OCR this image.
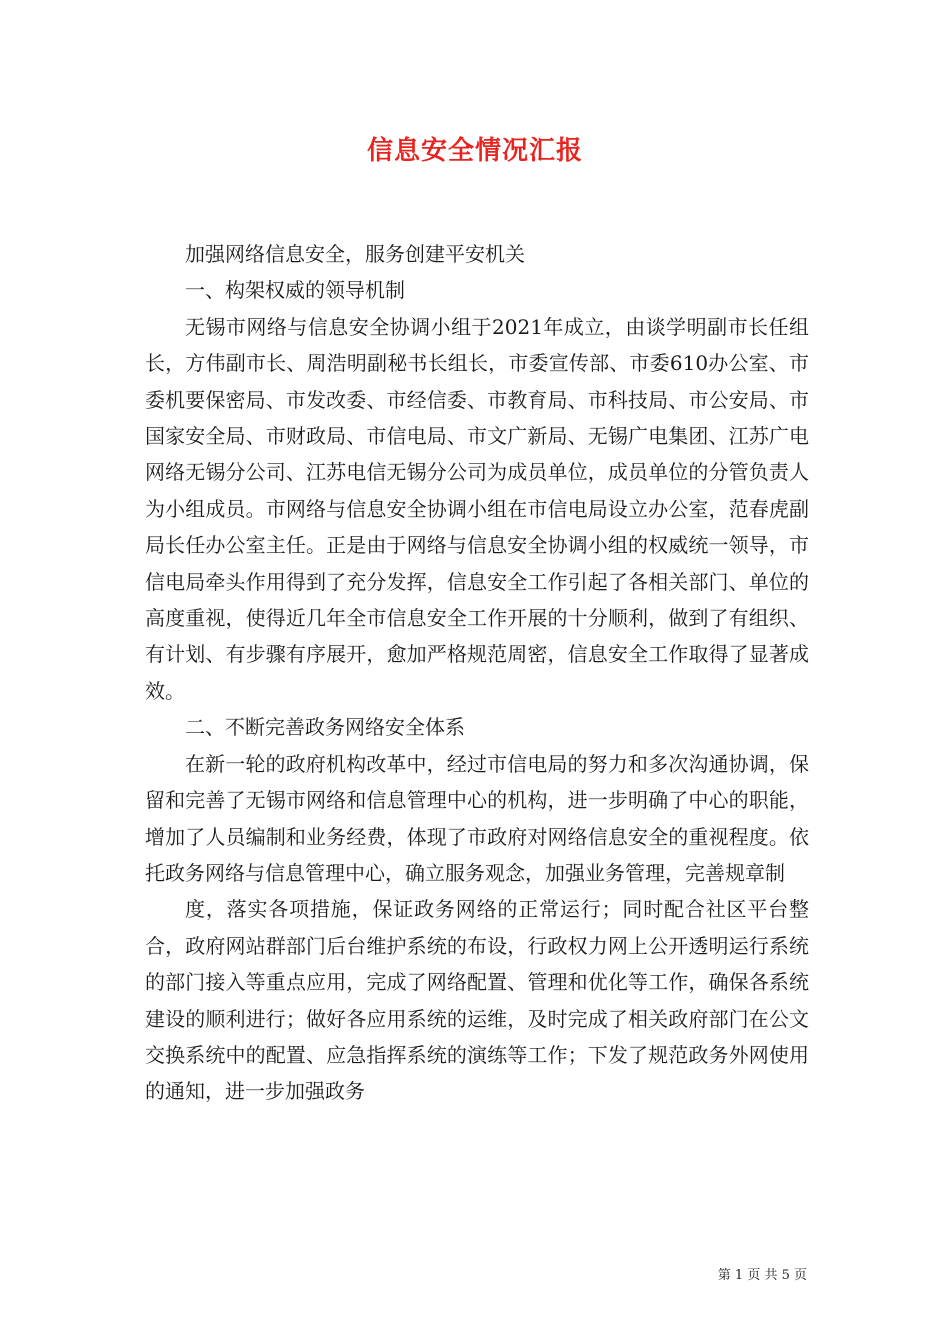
信息安全情况汇报

加强网络信息安全，服务创建平安机关

一、构架权威的领导机制

无锡市网络与信息安全协调小组于2021年成立，由谈学明副市长任组长，方伟副市长、周浩明副秘书长组长，市委宣传部、市委610办公室、市委机要保密局、市发改委、市经信委、市教育局、市科技局、市公安局、市国家安全局、市财政局、市信电局、市文广新局、无锡广电集团、江苏广电网络无锡分公司、江苏电信无锡分公司为成员单位，成员单位的分管负责人为小组成员。市网络与信息安全协调小组在市信电局设立办公室，范春虎副局长任办公室主任。正是由于网络与信息安全协调小组的权威统一领导，市信电局牵头作用得到了充分发挥，信息安全工作引起了各相关部门、单位的高度重视，使得近几年全市信息安全工作开展的十分顺利，做到了有组织、有计划、有步骤有序展开，愈加严格规范周密，信息安全工作取得了显著成效。

二、不断完善政务网络安全体系

在新一轮的政府机构改革中，经过市信电局的努力和多次沟通协调，保留和完善了无锡市网络和信息管理中心的机构，进一步明确了中心的职能，增加了人员编制和业务经费，体现了市政府对网络信息安全的重视程度。依托政务网络与信息管理中心，确立服务观念，加强业务管理，完善规章制

度，落实各项措施，保证政务网络的正常运行；同时配合社区平台整合，政府网站群部门后台维护系统的布设，行政权力网上公开透明运行系统的部门接入等重点应用，完成了网络配置、管理和优化等工作，确保各系统建设的顺利进行；做好各应用系统的运维，及时完成了相关政府部门在公文交换系统中的配置、应急指挥系统的演练等工作；下发了规范政务外网使用的通知，进一步加强政务

第 1 页 共 5 页
